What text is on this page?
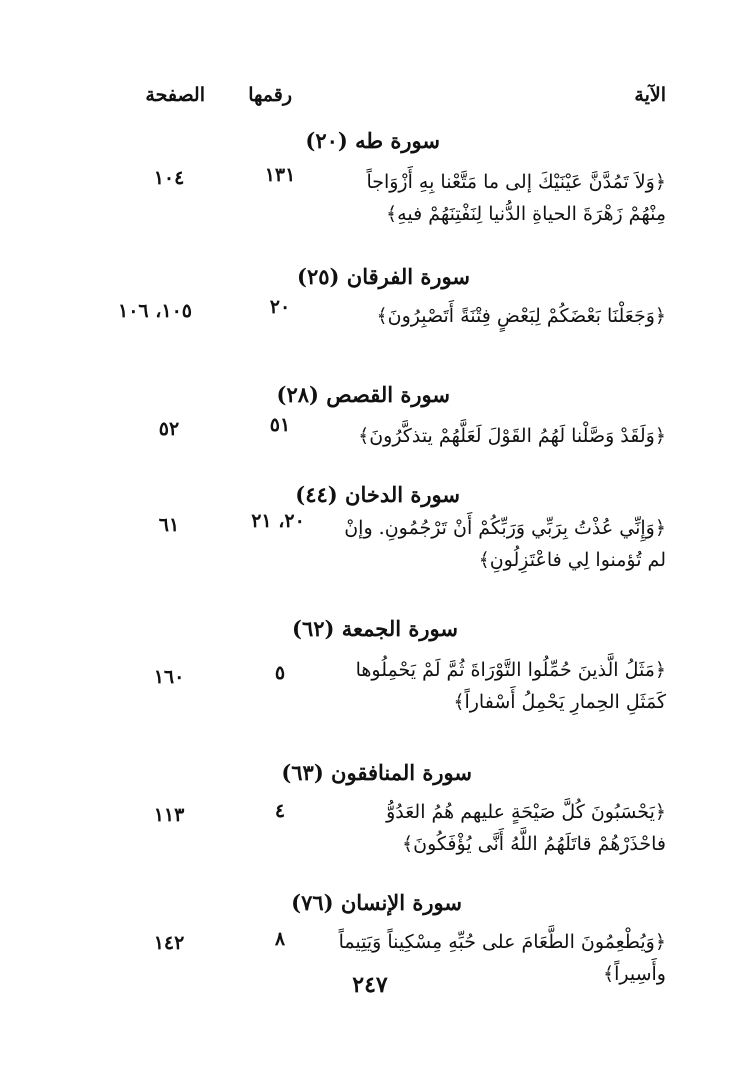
الآية
رقمها
الصفحة
سورة طه (٢٠)
﴿وَلاَ تَمُدَّنَّ عَيْنَيْكَ إلى ما مَتَّعْنا بِهِ أَزْوَاجاً مِنْهُمْ زَهْرَةَ الحياةِ الدُّنيا لِنَفْتِنَهُمْ فيهِ﴾
١٣١
١٠٤
سورة الفرقان (٢٥)
﴿وَجَعَلْنَا بَعْضَكُمْ لِبَعْضٍ فِتْنَةً أَتَصْبِرُونَ﴾
٢٠
١٠٥، ١٠٦
سورة القصص (٢٨)
﴿وَلَقَدْ وَصَّلْنا لَهُمُ القَوْلَ لَعَلَّهُمْ يتذكَّرُونَ﴾
٥١
٥٢
سورة الدخان (٤٤)
﴿وَإِنِّي عُذْتُ بِرَبِّي وَرَبِّكُمْ أَنْ تَرْجُمُونِ. وإنْ لم تُؤمنوا لِي فاعْتَزِلُونِ﴾
٢٠، ٢١
٦١
سورة الجمعة (٦٢)
﴿مَثَلُ الَّذينَ حُمِّلُوا التَّوْرَاةَ ثُمَّ لَمْ يَحْمِلُوها كَمَثَلِ الحِمارِ يَحْمِلُ أَسْفاراً﴾
٥
١٦٠
سورة المنافقون (٦٣)
﴿يَحْسَبُونَ كُلَّ صَيْحَةٍ عليهم هُمُ العَدُوُّ فاحْذَرْهُمْ قاتَلَهُمُ اللَّهُ أَنَّى يُؤْفَكُونَ﴾
٤
١١٣
سورة الإنسان (٧٦)
﴿وَيُطْعِمُونَ الطَّعَامَ على حُبِّهِ مِسْكِيناً وَيَتِيماً وأَسِيراً﴾
٨
١٤٢
٢٤٧
